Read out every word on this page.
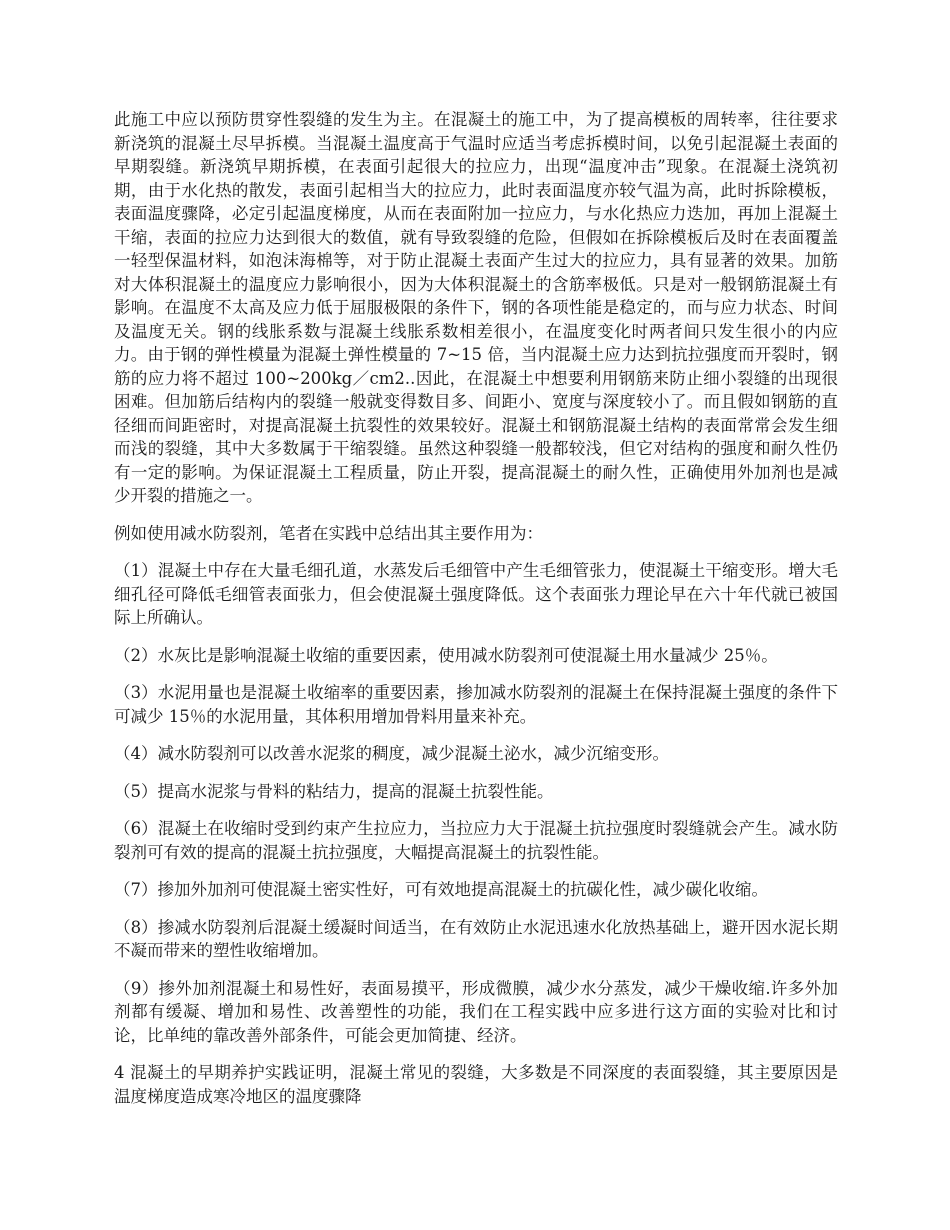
此施工中应以预防贯穿性裂缝的发生为主。在混凝土的施工中，为了提高模板的周转率，往往要求新浇筑的混凝土尽早拆模。当混凝土温度高于气温时应适当考虑拆模时间，以免引起混凝土表面的早期裂缝。新浇筑早期拆模，在表面引起很大的拉应力，出现“温度冲击”现象。在混凝土浇筑初期，由于水化热的散发，表面引起相当大的拉应力，此时表面温度亦较气温为高，此时拆除模板，表面温度骤降，必定引起温度梯度，从而在表面附加一拉应力，与水化热应力迭加，再加上混凝土干缩，表面的拉应力达到很大的数值，就有导致裂缝的危险，但假如在拆除模板后及时在表面覆盖一轻型保温材料，如泡沫海棉等，对于防止混凝土表面产生过大的拉应力，具有显著的效果。加筋对大体积混凝土的温度应力影响很小，因为大体积混凝土的含筋率极低。只是对一般钢筋混凝土有影响。在温度不太高及应力低于屈服极限的条件下，钢的各项性能是稳定的，而与应力状态、时间及温度无关。钢的线胀系数与混凝土线胀系数相差很小，在温度变化时两者间只发生很小的内应力。由于钢的弹性模量为混凝土弹性模量的 7~15 倍，当内混凝土应力达到抗拉强度而开裂时，钢筋的应力将不超过 100~200kg／cm2..因此，在混凝土中想要利用钢筋来防止细小裂缝的出现很困难。但加筋后结构内的裂缝一般就变得数目多、间距小、宽度与深度较小了。而且假如钢筋的直径细而间距密时，对提高混凝土抗裂性的效果较好。混凝土和钢筋混凝土结构的表面常常会发生细而浅的裂缝，其中大多数属于干缩裂缝。虽然这种裂缝一般都较浅，但它对结构的强度和耐久性仍有一定的影响。为保证混凝土工程质量，防止开裂，提高混凝土的耐久性，正确使用外加剂也是减少开裂的措施之一。

例如使用减水防裂剂，笔者在实践中总结出其主要作用为：

（1）混凝土中存在大量毛细孔道，水蒸发后毛细管中产生毛细管张力，使混凝土干缩变形。增大毛细孔径可降低毛细管表面张力，但会使混凝土强度降低。这个表面张力理论早在六十年代就已被国际上所确认。

（2）水灰比是影响混凝土收缩的重要因素，使用减水防裂剂可使混凝土用水量减少 25％。

（3）水泥用量也是混凝土收缩率的重要因素，掺加减水防裂剂的混凝土在保持混凝土强度的条件下可减少 15％的水泥用量，其体积用增加骨料用量来补充。

（4）减水防裂剂可以改善水泥浆的稠度，减少混凝土泌水，减少沉缩变形。

（5）提高水泥浆与骨料的粘结力，提高的混凝土抗裂性能。

（6）混凝土在收缩时受到约束产生拉应力，当拉应力大于混凝土抗拉强度时裂缝就会产生。减水防裂剂可有效的提高的混凝土抗拉强度，大幅提高混凝土的抗裂性能。

（7）掺加外加剂可使混凝土密实性好，可有效地提高混凝土的抗碳化性，减少碳化收缩。

（8）掺减水防裂剂后混凝土缓凝时间适当，在有效防止水泥迅速水化放热基础上，避开因水泥长期不凝而带来的塑性收缩增加。

（9）掺外加剂混凝土和易性好，表面易摸平，形成微膜，减少水分蒸发，减少干燥收缩.许多外加剂都有缓凝、增加和易性、改善塑性的功能，我们在工程实践中应多进行这方面的实验对比和讨论，比单纯的靠改善外部条件，可能会更加简捷、经济。

4 混凝土的早期养护实践证明，混凝土常见的裂缝，大多数是不同深度的表面裂缝，其主要原因是温度梯度造成寒冷地区的温度骤降
